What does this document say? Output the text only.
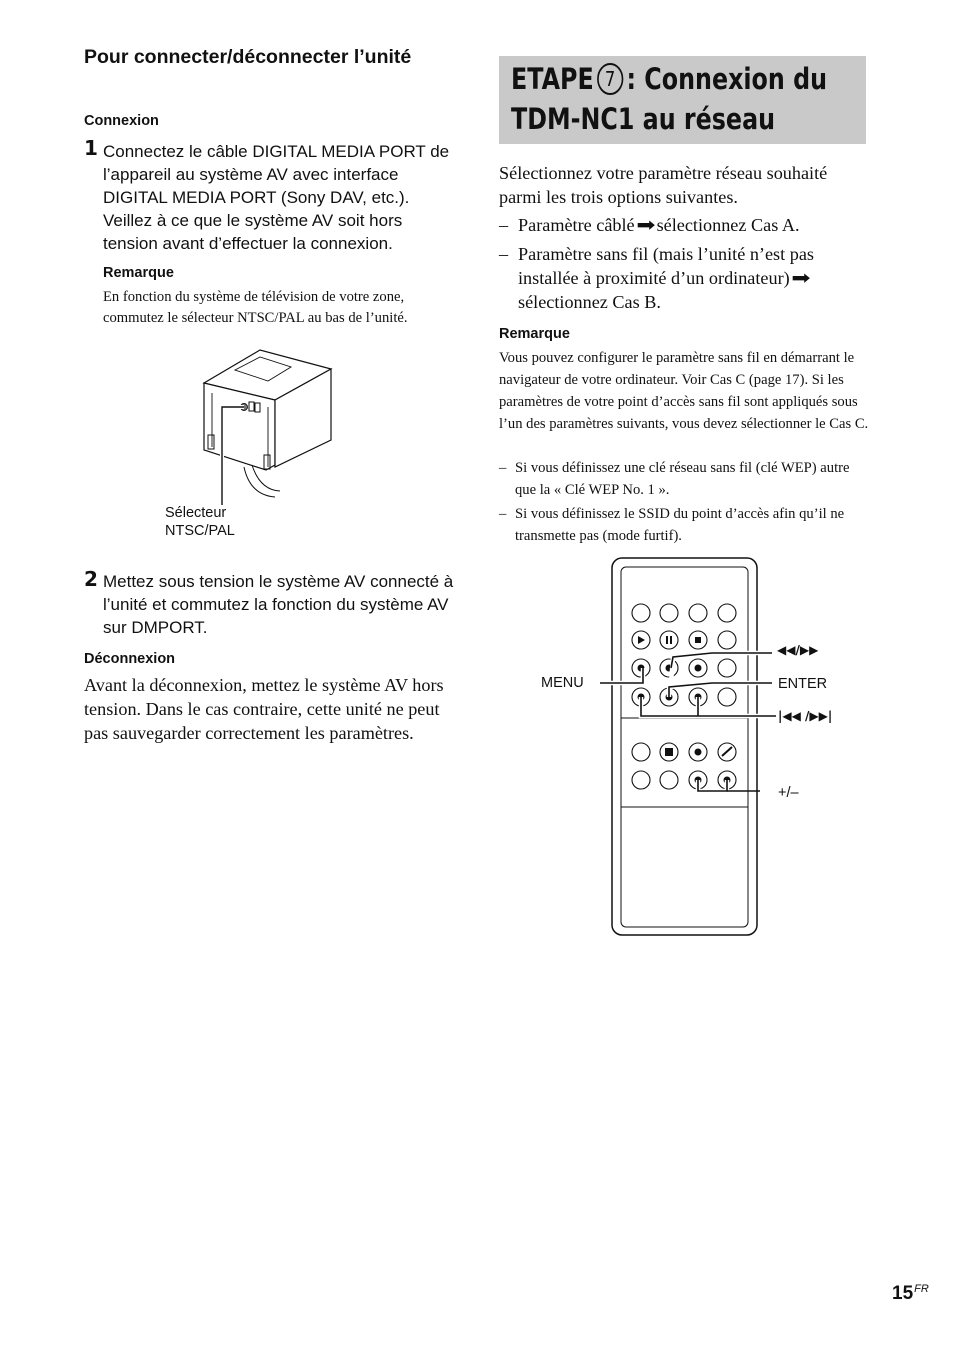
Pour connecter/déconnecter l’unité
Connexion
1 Connectez le câble DIGITAL MEDIA PORT de l’appareil au système AV avec interface DIGITAL MEDIA PORT (Sony DAV, etc.). Veillez à ce que le système AV soit hors tension avant d’effectuer la connexion.
Remarque
En fonction du système de télévision de votre zone, commutez le sélecteur NTSC/PAL au bas de l’unité.
Sélecteur
NTSC/PAL
2 Mettez sous tension le système AV connecté à l’unité et commutez la fonction du système AV sur DMPORT.
Déconnexion
Avant la déconnexion, mettez le système AV hors tension. Dans le cas contraire, cette unité ne peut pas sauvegarder correctement les paramètres.
ETAPE 7 : Connexion du
TDM-NC1 au réseau
Sélectionnez votre paramètre réseau souhaité parmi les trois options suivantes.
– Paramètre câblé➡sélectionnez Cas A.
– Paramètre sans fil (mais l’unité n’est pas
installée à proximité d’un ordinateur)➡
sélectionnez Cas B.
Remarque
Vous pouvez configurer le paramètre sans fil en démarrant le navigateur de votre ordinateur. Voir Cas C (page 17). Si les paramètres de votre point d’accès sans fil sont appliqués sous l’un des paramètres suivants, vous devez sélectionner le Cas C.
– Si vous définissez une clé réseau sans fil (clé WEP) autre que la « Clé WEP No. 1 ».
– Si vous définissez le SSID du point d’accès afin qu’il ne transmette pas (mode furtif).
MENU
◀◀/▶▶
ENTER
|◀◀ /▶▶|
+/–
$15^{FR}$
